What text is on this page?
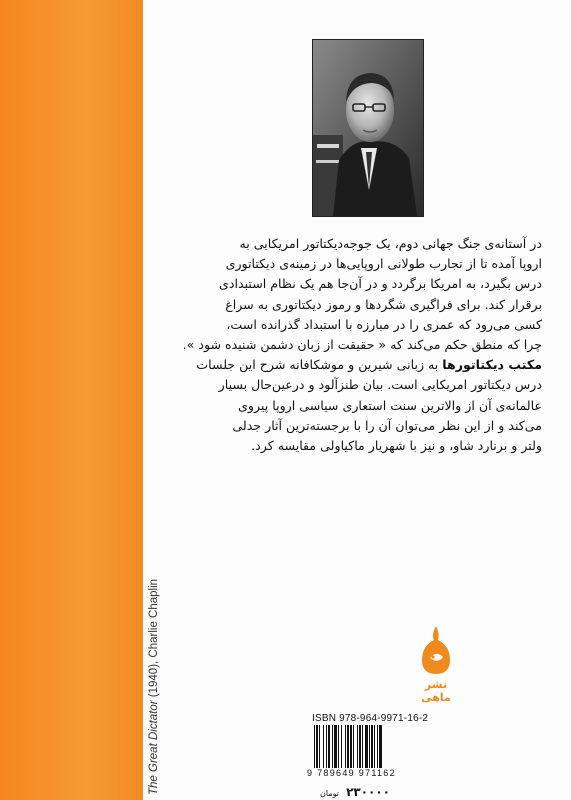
The Great Dictator (1940), Charlie Chaplin
در آستانه‌ی جنگ جهانی دوم، یک جوجه‌دیکتاتور امریکایی به
اروپا آمده تا از تجارب طولانی اروپایی‌ها در زمینه‌ی دیکتاتوری
درس بگیرد، به امریکا برگردد و در آن‌جا هم یک نظام استبدادی
برقرار کند. برای فراگیری شگردها و رموز دیکتاتوری به سراغ
کسی می‌رود که عمری را در مبارزه با استبداد گذرانده است،
چرا که منطق حکم می‌کند که « حقیقت از زبان دشمن شنیده شود ».
مکتب دیکتاتورها به زبانی شیرین و موشکافانه شرح این جلسات
درس دیکتاتور امریکایی است. بیان طنزآلود و درعین‌حال بسیار
عالمانه‌ی آن از والاترین سنت استعاری سیاسی اروپا پیروی
می‌کند و از این نظر می‌توان آن را با برجسته‌ترین آثار جدلی
ولتر و برنارد شاو، و نیز با شهریار ماکیاولی مقایسه کرد.
نشر ماهی
ISBN 978-964-9971-16-2
9 789649 971162
۲۳۰۰۰۰ تومان
